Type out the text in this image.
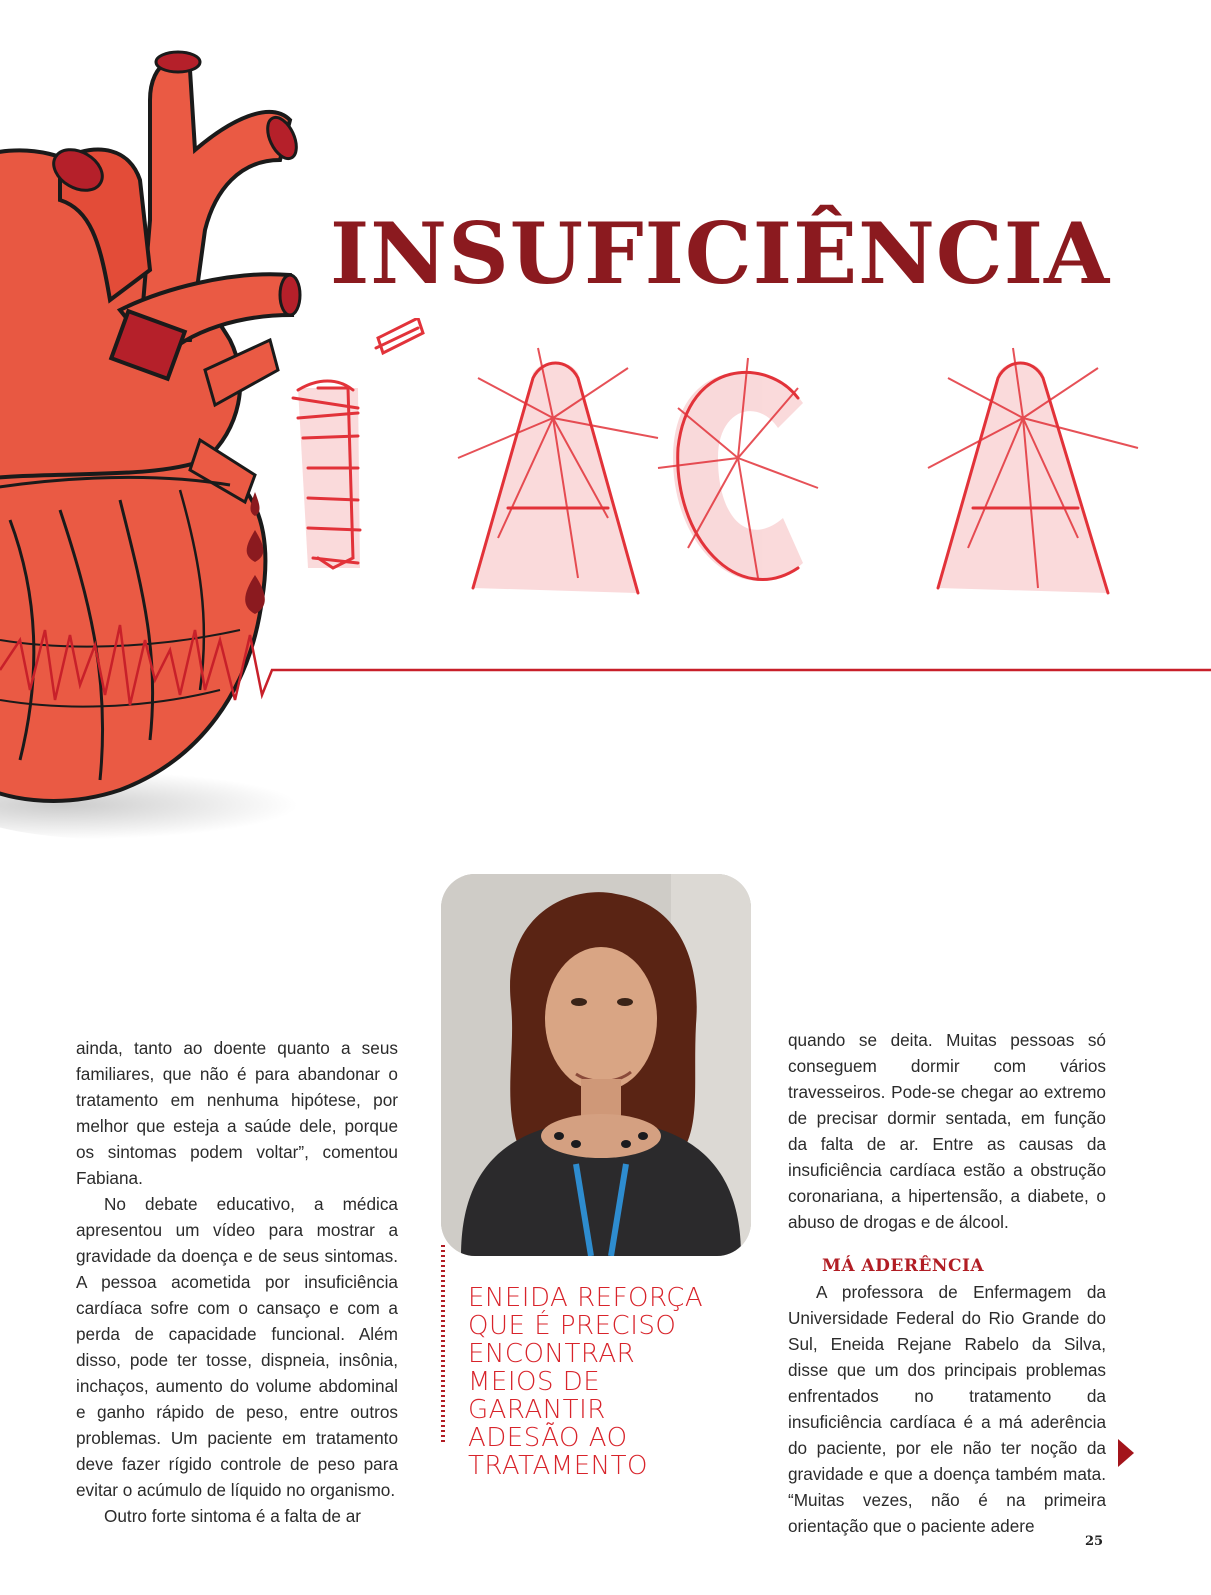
INSUFICIÊNCIA

ainda, tanto ao doente quanto a seus familiares, que não é para abandonar o tratamento em nenhuma hipótese, por melhor que esteja a saúde dele, porque os sintomas podem voltar”, comentou Fabiana.

No debate educativo, a médica apresentou um vídeo para mostrar a gravidade da doença e de seus sintomas. A pessoa acometida por insuficiência cardíaca sofre com o cansaço e com a perda de capacidade funcional. Além disso, pode ter tosse, dispneia, insônia, inchaços, aumento do volume abdominal e ganho rápido de peso, entre outros problemas. Um paciente em tratamento deve fazer rígido controle de peso para evitar o acúmulo de líquido no organismo.

Outro forte sintoma é a falta de ar

ENEIDA REFORÇA
QUE É PRECISO
ENCONTRAR
MEIOS DE
GARANTIR
ADESÃO AO
TRATAMENTO

quando se deita. Muitas pessoas só conseguem dormir com vários travesseiros. Pode-se chegar ao extremo de precisar dormir sentada, em função da falta de ar. Entre as causas da insuficiência cardíaca estão a obstrução coronariana, a hipertensão, a diabete, o abuso de drogas e de álcool.

MÁ ADERÊNCIA

A professora de Enfermagem da Universidade Federal do Rio Grande do Sul, Eneida Rejane Rabelo da Silva, disse que um dos principais problemas enfrentados no tratamento da insuficiência cardíaca é a má aderência do paciente, por ele não ter noção da gravidade e que a doença também mata. “Muitas vezes, não é na primeira orientação que o paciente adere

25
